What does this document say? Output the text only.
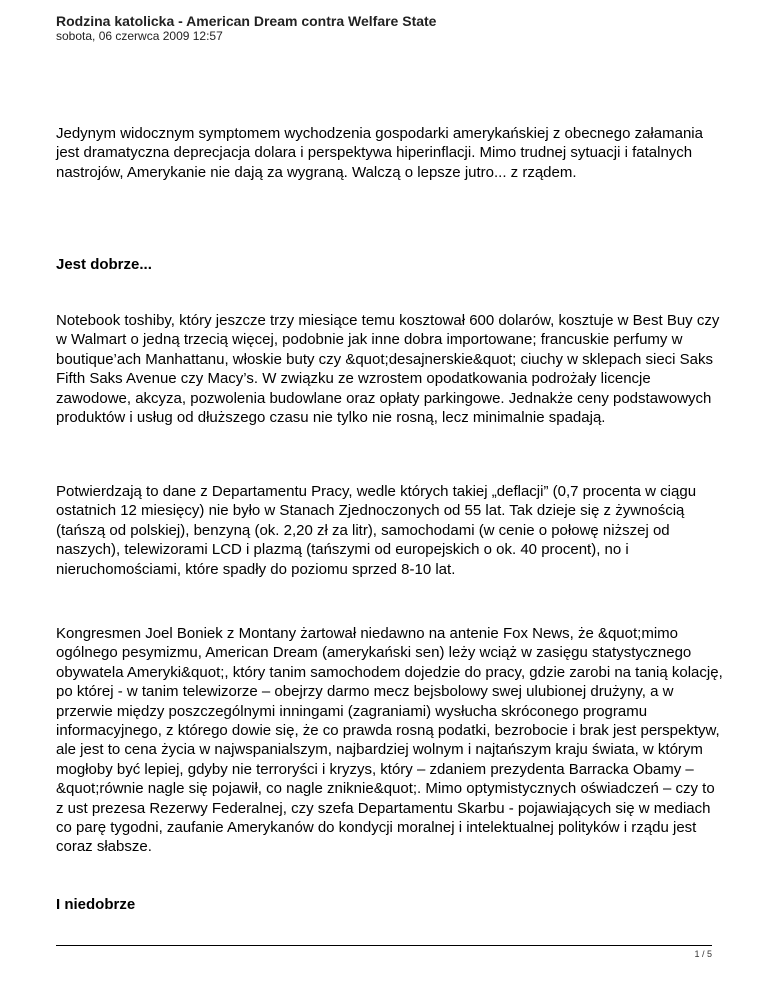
Rodzina katolicka - American Dream contra Welfare State
sobota, 06 czerwca 2009 12:57

Jedynym widocznym symptomem wychodzenia gospodarki amerykańskiej z obecnego załamania jest dramatyczna deprecjacja dolara i perspektywa hiperinflacji. Mimo trudnej sytuacji i fatalnych nastrojów, Amerykanie nie dają za wygraną. Walczą o lepsze jutro... z rządem.

Jest dobrze...

Notebook toshiby, który jeszcze trzy miesiące temu kosztował 600 dolarów, kosztuje w Best Buy czy w Walmart o jedną trzecią więcej, podobnie jak inne dobra importowane; francuskie perfumy w boutique’ach Manhattanu, włoskie buty czy &quot;desajnerskie&quot; ciuchy w sklepach sieci Saks Fifth Saks Avenue czy Macy’s. W związku ze wzrostem opodatkowania podrożały licencje zawodowe, akcyza, pozwolenia budowlane oraz opłaty parkingowe. Jednakże ceny podstawowych produktów i usług od dłuższego czasu nie tylko nie rosną, lecz minimalnie spadają.

Potwierdzają to dane z Departamentu Pracy, wedle których takiej „deflacji” (0,7 procenta w ciągu ostatnich 12 miesięcy) nie było w Stanach Zjednoczonych od 55 lat. Tak dzieje się z żywnością (tańszą od polskiej), benzyną (ok. 2,20 zł za litr), samochodami (w cenie o połowę niższej od naszych), telewizorami LCD i plazmą (tańszymi od europejskich o ok. 40 procent), no i nieruchomościami, które spadły do poziomu sprzed 8-10 lat.

Kongresmen Joel Boniek z Montany żartował niedawno na antenie Fox News, że &quot;mimo ogólnego pesymizmu, American Dream (amerykański sen) leży wciąż w zasięgu statystycznego obywatela Ameryki&quot;, który tanim samochodem dojedzie do pracy, gdzie zarobi na tanią kolację, po której - w tanim telewizorze – obejrzy darmo mecz bejsbolowy swej ulubionej drużyny, a w przerwie między poszczególnymi inningami (zagraniami) wysłucha skróconego programu informacyjnego, z którego dowie się, że co prawda rosną podatki, bezrobocie i brak jest perspektyw, ale jest to cena życia w najwspanialszym, najbardziej wolnym i najtańszym kraju świata, w którym mogłoby być lepiej, gdyby nie terroryści i kryzys, który – zdaniem prezydenta Barracka Obamy – &quot;równie nagle się pojawił, co nagle zniknie&quot;. Mimo optymistycznych oświadczeń – czy to z ust prezesa Rezerwy Federalnej, czy szefa Departamentu Skarbu - pojawiających się w mediach co parę tygodni, zaufanie Amerykanów do kondycji moralnej i intelektualnej polityków i rządu jest coraz słabsze.

I niedobrze

1 / 5
